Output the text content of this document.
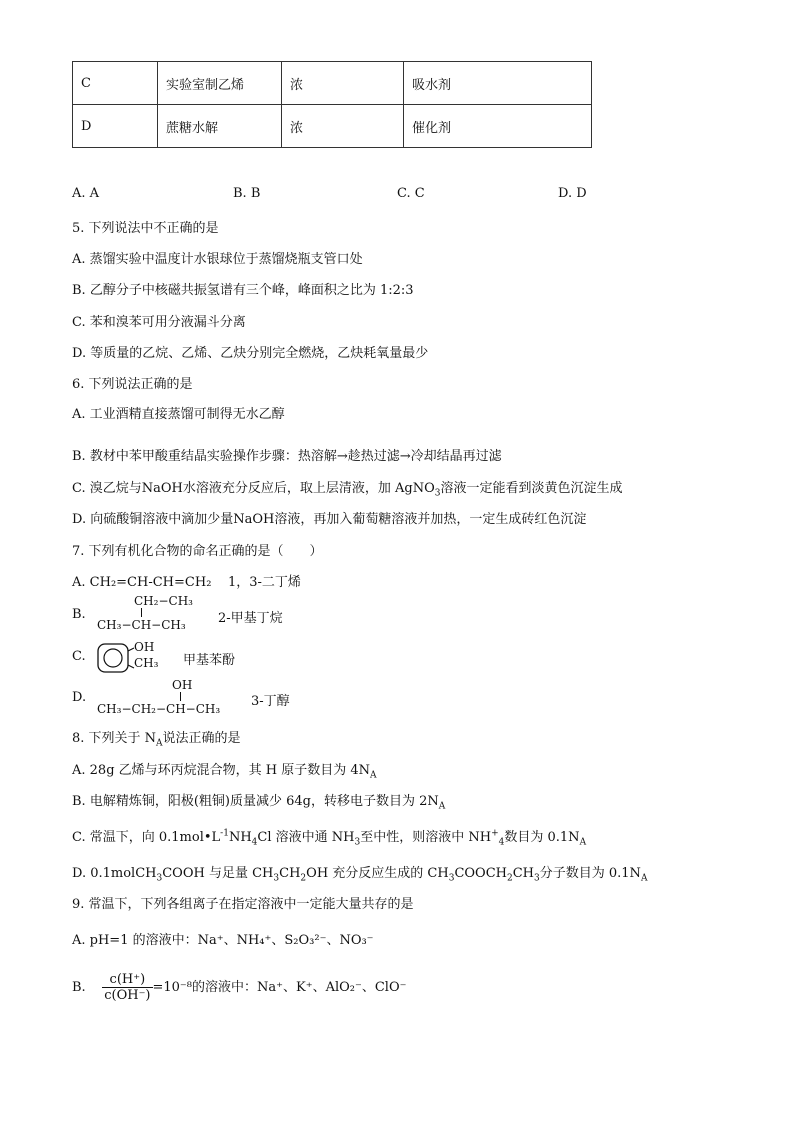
C	实验室制乙烯	浓	吸水剂
D	蔗糖水解	浓	催化剂
A. A	B. B	C. C	D. D
5. 下列说法中不正确的是
A. 蒸馏实验中温度计水银球位于蒸馏烧瓶支管口处
B. 乙醇分子中核磁共振氢谱有三个峰，峰面积之比为 1:2:3
C. 苯和溴苯可用分液漏斗分离
D. 等质量的乙烷、乙烯、乙炔分别完全燃烧，乙炔耗氧量最少
6. 下列说法正确的是
A. 工业酒精直接蒸馏可制得无水乙醇
B. 教材中苯甲酸重结晶实验操作步骤：热溶解→趁热过滤→冷却结晶再过滤
C. 溴乙烷与NaOH水溶液充分反应后，取上层清液，加 AgNO$_3$溶液一定能看到淡黄色沉淀生成
D. 向硫酸铜溶液中滴加少量NaOH溶液，再加入葡萄糖溶液并加热，一定生成砖红色沉淀
7. 下列有机化合物的命名正确的是（　　）
A. CH₂=CH-CH=CH₂ 1，3-二丁烯
B.
CH₂−CH₃
CH₃−CH−CH₃ 2-甲基丁烷
C.
OH
CH₃ 甲基苯酚
D.
OH
CH₃−CH₂−CH−CH₃ 3-丁醇
8. 下列关于 $N_A$说法正确的是
A. 28g 乙烯与环丙烷混合物，其 H 原子数目为 $4N_A$
B. 电解精炼铜，阳极(粗铜)质量减少 64g，转移电子数目为 $2N_A$
C. 常温下，向 $0.1mol•L^{-1}NH_4Cl$ 溶液中通 $NH_3$至中性，则溶液中 $NH^+_4$数目为 $0.1N_A$
D. 0.1molCH$_3$COOH 与足量 $CH_3CH_2OH$ 充分反应生成的 $CH_3COOCH_2CH_3$分子数目为 $0.1N_A$
9. 常温下，下列各组离子在指定溶液中一定能大量共存的是
A. pH=1 的溶液中：Na⁺、NH₄⁺、S₂O₃²⁻、NO₃⁻
B. $\frac{c(H^+)}{c(OH^-)} =10^{-8}$的溶液中：Na⁺、K⁺、AlO₂⁻、ClO⁻
